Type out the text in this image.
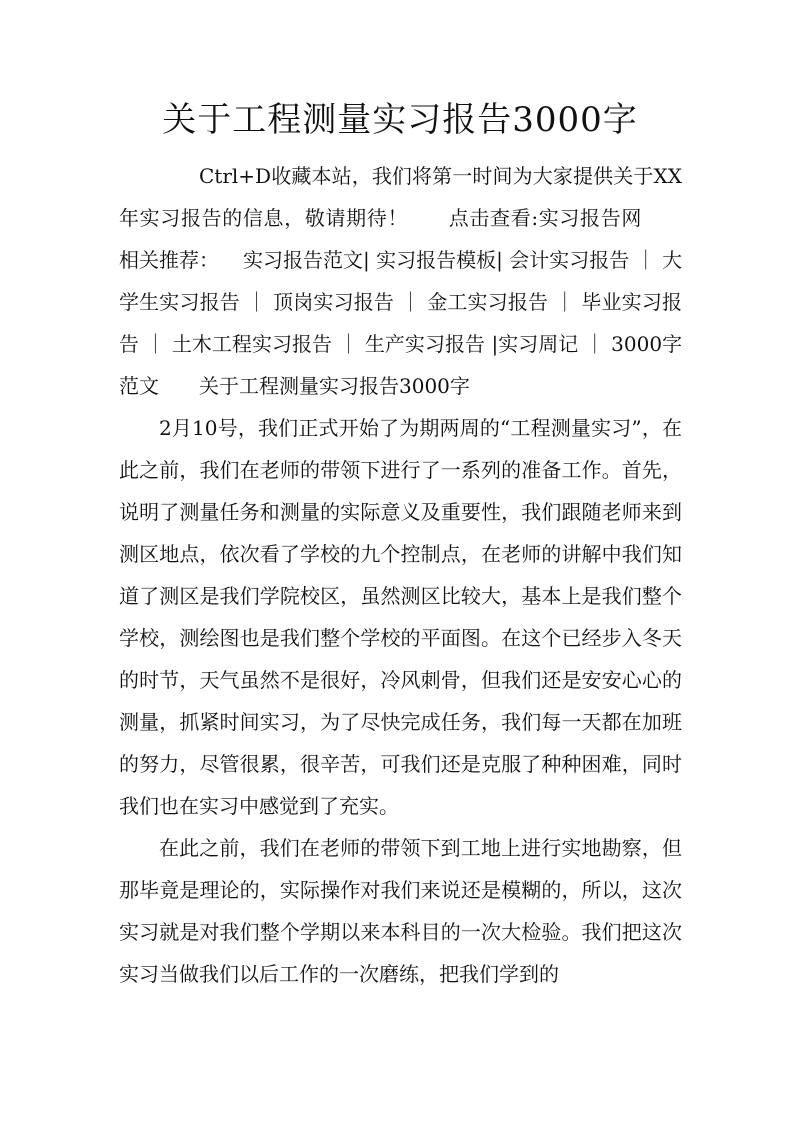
关于工程测量实习报告3000字

Ctrl+D收藏本站，我们将第一时间为大家提供关于XX年实习报告的信息，敬请期待！ 点击查看:实习报告网相关推荐： 实习报告范文| 实习报告模板| 会计实习报告 ｜ 大学生实习报告 ｜ 顶岗实习报告 ｜ 金工实习报告 ｜ 毕业实习报告 ｜ 土木工程实习报告 ｜ 生产实习报告 |实习周记 ｜ 3000字范文 关于工程测量实习报告3000字

2月10号，我们正式开始了为期两周的“工程测量实习”，在此之前，我们在老师的带领下进行了一系列的准备工作。首先，说明了测量任务和测量的实际意义及重要性，我们跟随老师来到测区地点，依次看了学校的九个控制点，在老师的讲解中我们知道了测区是我们学院校区，虽然测区比较大，基本上是我们整个学校，测绘图也是我们整个学校的平面图。在这个已经步入冬天的时节，天气虽然不是很好，冷风刺骨，但我们还是安安心心的测量，抓紧时间实习，为了尽快完成任务，我们每一天都在加班的努力，尽管很累，很辛苦，可我们还是克服了种种困难，同时我们也在实习中感觉到了充实。

在此之前，我们在老师的带领下到工地上进行实地勘察，但那毕竟是理论的，实际操作对我们来说还是模糊的，所以，这次实习就是对我们整个学期以来本科目的一次大检验。我们把这次实习当做我们以后工作的一次磨练，把我们学到的
